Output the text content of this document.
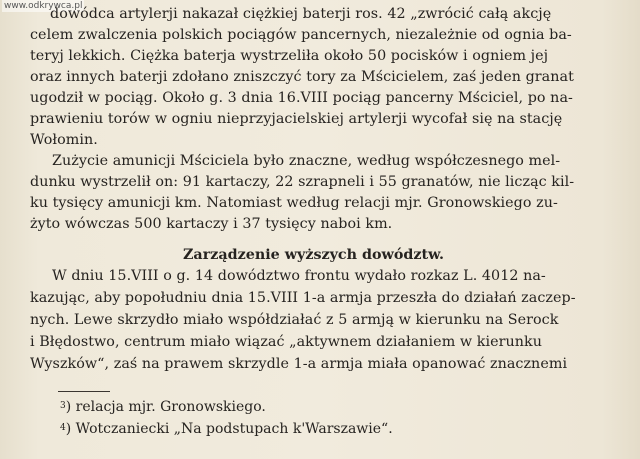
www.odkrywca.pl
dowódca artylerji nakazał ciężkiej baterji ros. 42 „zwrócić całą akcję
celem zwalczenia polskich pociągów pancernych, niezależnie od ognia ba-
teryj lekkich. Ciężka baterja wystrzeliła około 50 pocisków i ogniem jej
oraz innych baterji zdołano zniszczyć tory za Mścicielem, zaś jeden granat
ugodził w pociąg. Około g. 3 dnia 16.VIII pociąg pancerny Mściciel, po na-
prawieniu torów w ogniu nieprzyjacielskiej artylerji wycofał się na stację
Wołomin.
Zużycie amunicji Mściciela było znaczne, według współczesnego mel-
dunku wystrzelił on: 91 kartaczy, 22 szrapneli i 55 granatów, nie licząc kil-
ku tysięcy amunicji km. Natomiast według relacji mjr. Gronowskiego zu-
żyto wówczas 500 kartaczy i 37 tysięcy naboi km.
Zarządzenie wyższych dowództw.
W dniu 15.VIII o g. 14 dowództwo frontu wydało rozkaz L. 4012 na-
kazując, aby popołudniu dnia 15.VIII 1-a armja przeszła do działań zaczep-
nych. Lewe skrzydło miało współdziałać z 5 armją w kierunku na Serock
i Błędostwo, centrum miało wiązać „aktywnem działaniem w kierunku
Wyszków“, zaś na prawem skrzydle 1-a armja miała opanować znacznemi
$^3$) relacja mjr. Gronowskiego.
$^4$) Wotczaniecki „Na podstupach k'Warszawie“.
